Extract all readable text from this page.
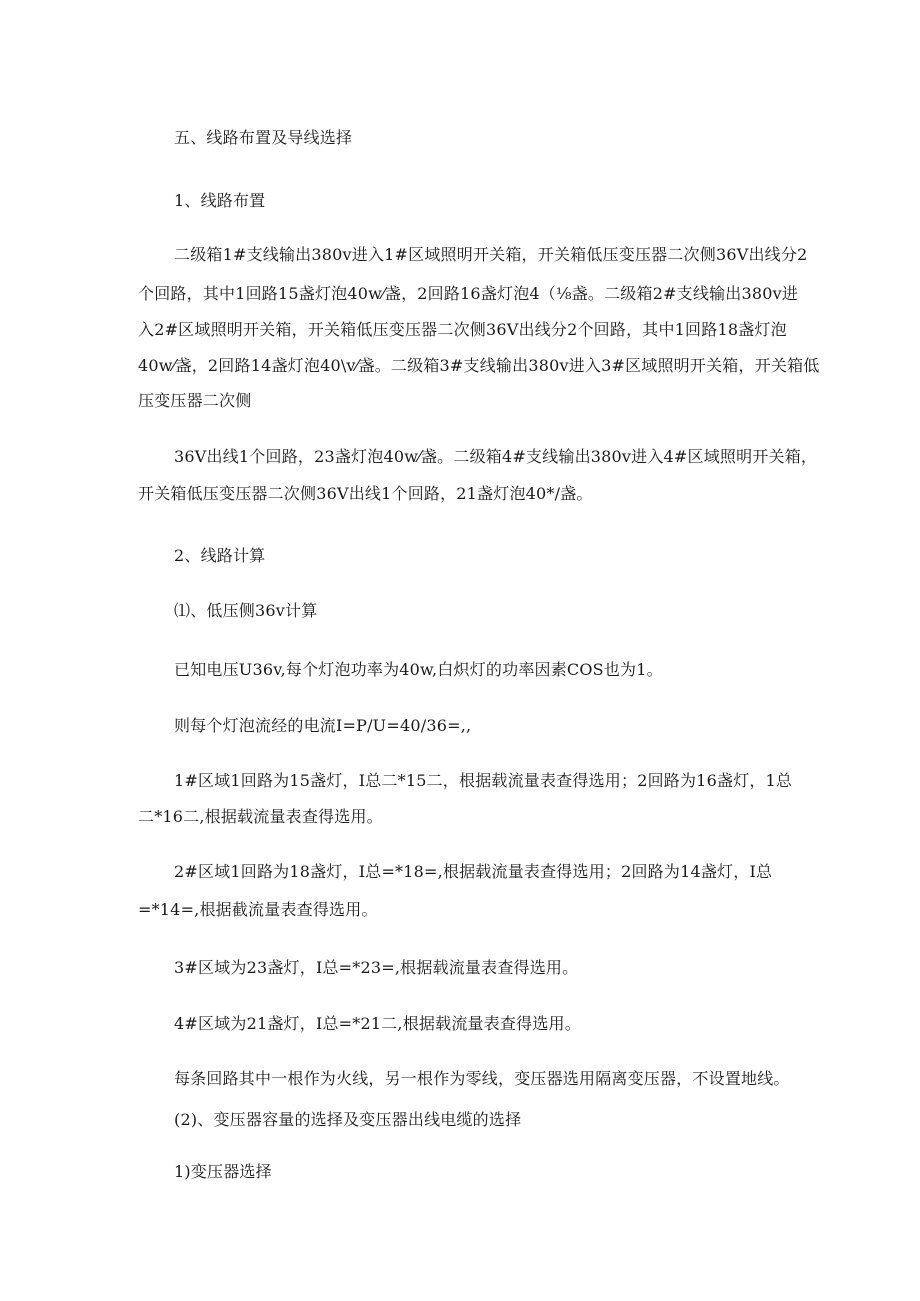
五、线路布置及导线选择
1、线路布置
二级箱1#支线输出380v进入1#区域照明开关箱，开关箱低压变压器二次侧36V出线分2
个回路，其中1回路15盏灯泡40w⁄盏，2回路16盏灯泡4（⅛盏。二级箱2#支线输出380v进
入2#区域照明开关箱，开关箱低压变压器二次侧36V出线分2个回路，其中1回路18盏灯泡
40w⁄盏，2回路14盏灯泡40\v⁄盏。二级箱3#支线输出380v进入3#区域照明开关箱，开关箱低
压变压器二次侧
36V出线1个回路，23盏灯泡40w⁄盏。二级箱4#支线输出380v进入4#区域照明开关箱，
开关箱低压变压器二次侧36V出线1个回路，21盏灯泡40*/盏。
2、线路计算
⑴、低压侧36v计算
已知电压U36v,每个灯泡功率为40w,白炽灯的功率因素COS也为1。
则每个灯泡流经的电流I=P/U=40/36=,,
1#区域1回路为15盏灯，I总二*15二，根据载流量表查得选用；2回路为16盏灯，1总
二*16二,根据载流量表查得选用。
2#区域1回路为18盏灯，I总=*18=,根据载流量表查得选用；2回路为14盏灯，I总
=*14=,根据截流量表查得选用。
3#区域为23盏灯，I总=*23=,根据载流量表查得选用。
4#区域为21盏灯，I总=*21二,根据载流量表查得选用。
每条回路其中一根作为火线，另一根作为零线，变压器选用隔离变压器，不设置地线。
(2)、变压器容量的选择及变压器出线电缆的选择
1)变压器选择
